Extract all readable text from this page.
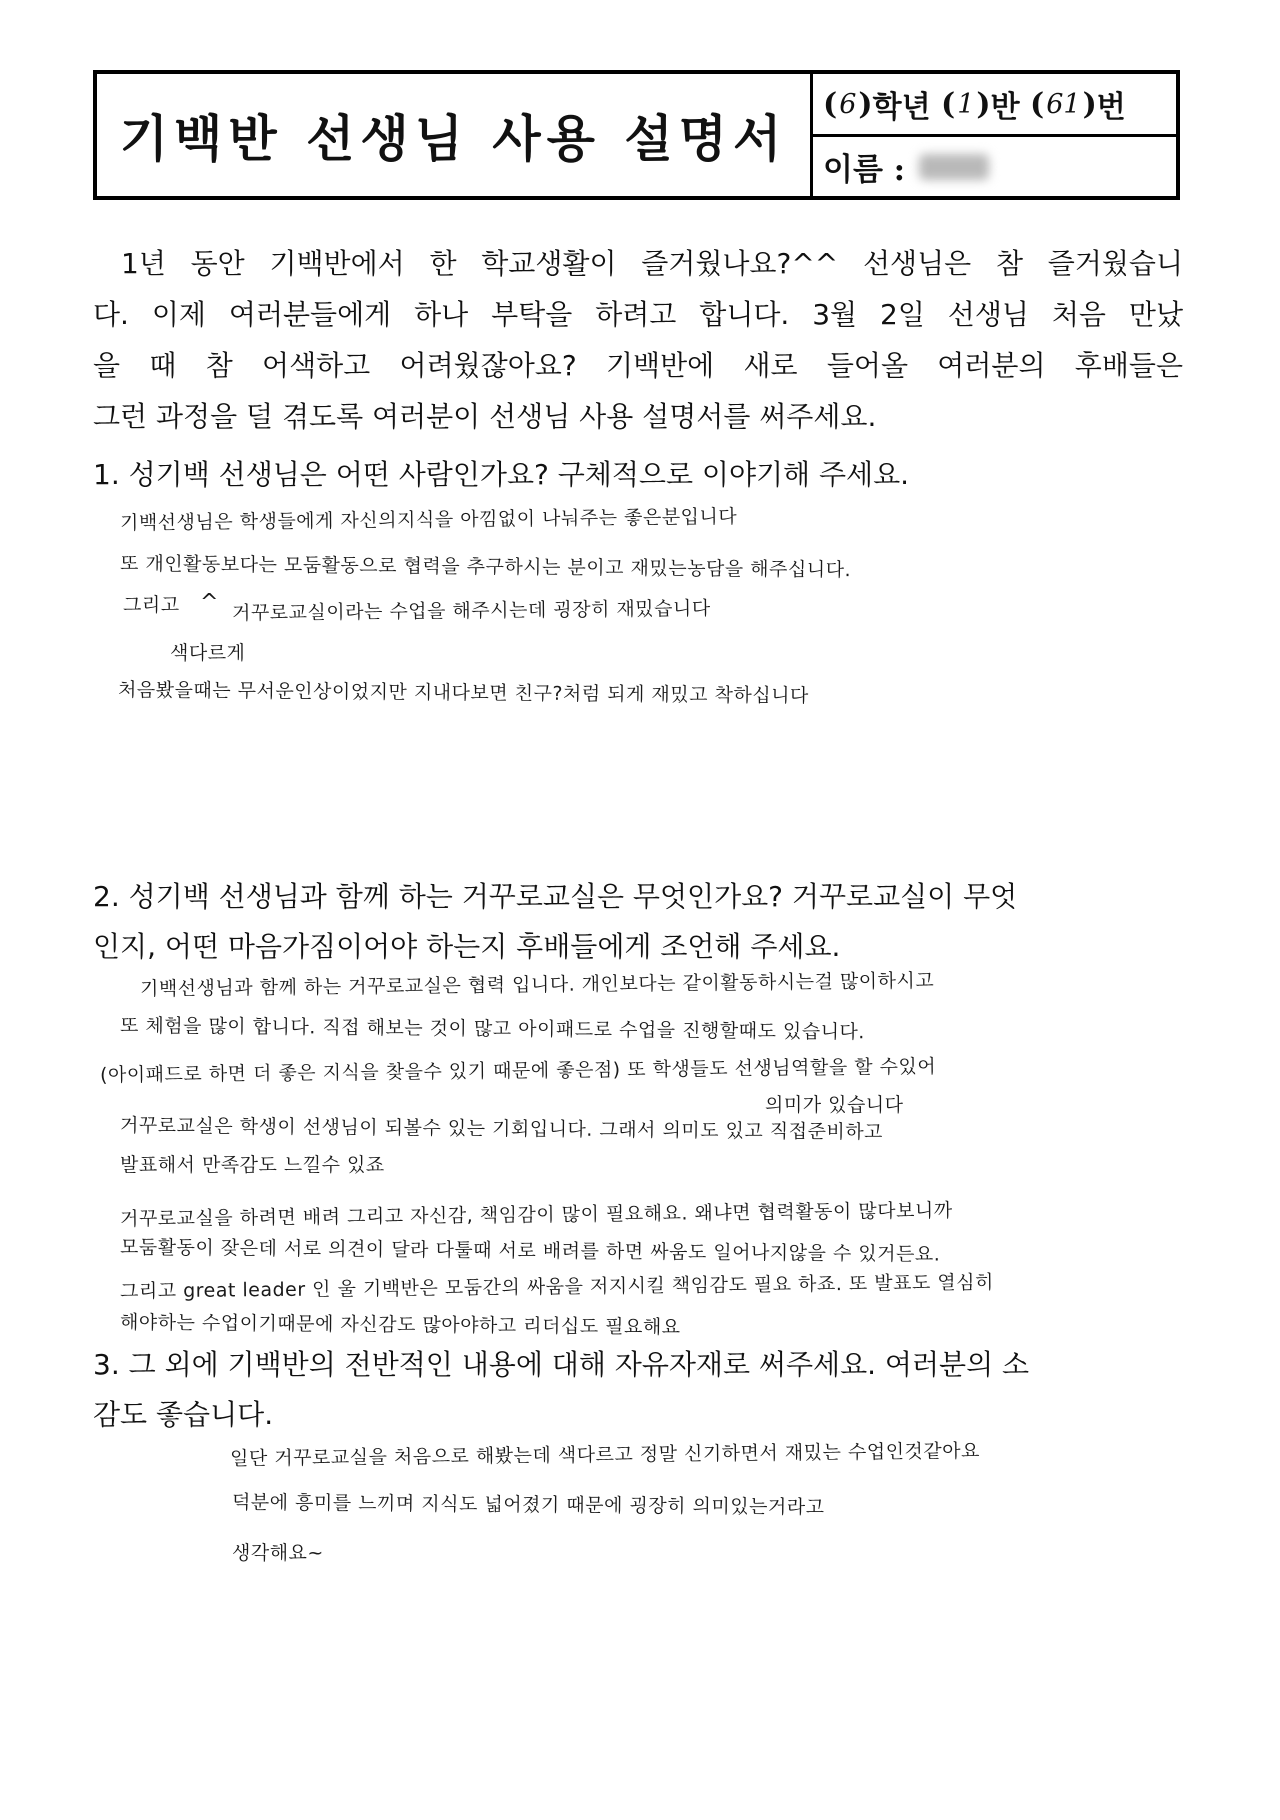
기백반 선생님 사용 설명서
( 6 ) 학년 ( 1 ) 반 ( 61 ) 번
이름 :
1년 동안 기백반에서 한 학교생활이 즐거웠나요?^^ 선생님은 참 즐거웠습니
다. 이제 여러분들에게 하나 부탁을 하려고 합니다. 3월 2일 선생님 처음 만났
을 때 참 어색하고 어려웠잖아요? 기백반에 새로 들어올 여러분의 후배들은
그런 과정을 덜 겪도록 여러분이 선생님 사용 설명서를 써주세요.
1. 성기백 선생님은 어떤 사람인가요? 구체적으로 이야기해 주세요.
기백선생님은 학생들에게 자신의지식을 아낌없이 나눠주는 좋은분입니다
또 개인활동보다는 모둠활동으로 협력을 추구하시는 분이고 재밌는농담을 해주십니다.
그리고 ^ 거꾸로교실이라는 수업을 해주시는데 굉장히 재밌습니다
색다르게
처음봤을때는 무서운인상이었지만 지내다보면 친구?처럼 되게 재밌고 착하십니다
2. 성기백 선생님과 함께 하는 거꾸로교실은 무엇인가요? 거꾸로교실이 무엇
인지, 어떤 마음가짐이어야 하는지 후배들에게 조언해 주세요.
기백선생님과 함께 하는 거꾸로교실은 협력 입니다. 개인보다는 같이활동하시는걸 많이하시고
또 체험을 많이 합니다. 직접 해보는 것이 많고 아이패드로 수업을 진행할때도 있습니다.
(아이패드로 하면 더 좋은 지식을 찾을수 있기 때문에 좋은점) 또 학생들도 선생님역할을 할 수있어
의미가 있습니다
거꾸로교실은 학생이 선생님이 되볼수 있는 기회입니다. 그래서 의미도 있고 직접준비하고
발표해서 만족감도 느낄수 있죠
거꾸로교실을 하려면 배려 그리고 자신감, 책임감이 많이 필요해요. 왜냐면 협력활동이 많다보니까
모둠활동이 잦은데 서로 의견이 달라 다툴때 서로 배려를 하면 싸움도 일어나지않을 수 있거든요.
그리고 great leader 인 울 기백반은 모둠간의 싸움을 저지시킬 책임감도 필요 하죠. 또 발표도 열심히
해야하는 수업이기때문에 자신감도 많아야하고 리더십도 필요해요
3. 그 외에 기백반의 전반적인 내용에 대해 자유자재로 써주세요. 여러분의 소
감도 좋습니다.
일단 거꾸로교실을 처음으로 해봤는데 색다르고 정말 신기하면서 재밌는 수업인것같아요
덕분에 흥미를 느끼며 지식도 넓어졌기 때문에 굉장히 의미있는거라고
생각해요~
